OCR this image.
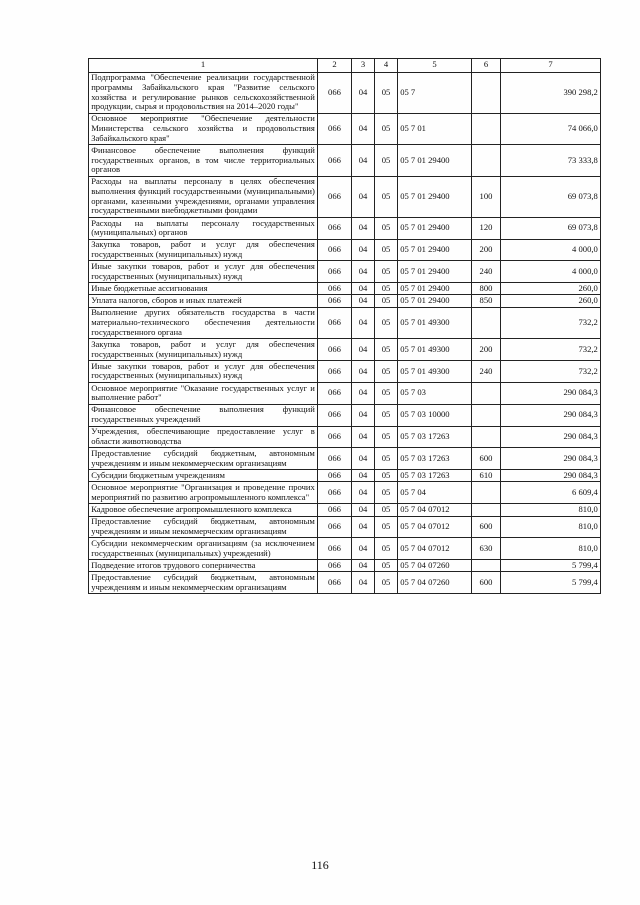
1	2	3	4	5	6	7
Подпрограмма "Обеспечение реализации государственной программы Забайкальского края "Развитие сельского хозяйства и регулирование рынков сельскохозяйственной продукции, сырья и продовольствия на 2014–2020 годы"	066	04	05	05 7		390 298,2
Основное мероприятие "Обеспечение деятельности Министерства сельского хозяйства и продовольствия Забайкальского края"	066	04	05	05 7 01		74 066,0
Финансовое обеспечение выполнения функций государственных органов, в том числе территориальных органов	066	04	05	05 7 01 29400		73 333,8
Расходы на выплаты персоналу в целях обеспечения выполнения функций государственными (муниципальными) органами, казенными учреждениями, органами управления государственными внебюджетными фондами	066	04	05	05 7 01 29400	100	69 073,8
Расходы на выплаты персоналу государственных (муниципальных) органов	066	04	05	05 7 01 29400	120	69 073,8
Закупка товаров, работ и услуг для обеспечения государственных (муниципальных) нужд	066	04	05	05 7 01 29400	200	4 000,0
Иные закупки товаров, работ и услуг для обеспечения государственных (муниципальных) нужд	066	04	05	05 7 01 29400	240	4 000,0
Иные бюджетные ассигнования	066	04	05	05 7 01 29400	800	260,0
Уплата налогов, сборов и иных платежей	066	04	05	05 7 01 29400	850	260,0
Выполнение других обязательств государства в части материально-технического обеспечения деятельности государственного органа	066	04	05	05 7 01 49300		732,2
Закупка товаров, работ и услуг для обеспечения государственных (муниципальных) нужд	066	04	05	05 7 01 49300	200	732,2
Иные закупки товаров, работ и услуг для обеспечения государственных (муниципальных) нужд	066	04	05	05 7 01 49300	240	732,2
Основное мероприятие "Оказание государственных услуг и выполнение работ"	066	04	05	05 7 03		290 084,3
Финансовое обеспечение выполнения функций государственных учреждений	066	04	05	05 7 03 10000		290 084,3
Учреждения, обеспечивающие предоставление услуг в области животноводства	066	04	05	05 7 03 17263		290 084,3
Предоставление субсидий бюджетным, автономным учреждениям и иным некоммерческим организациям	066	04	05	05 7 03 17263	600	290 084,3
Субсидии бюджетным учреждениям	066	04	05	05 7 03 17263	610	290 084,3
Основное мероприятие "Организация и проведение прочих мероприятий по развитию агропромышленного комплекса"	066	04	05	05 7 04		6 609,4
Кадровое обеспечение агропромышленного комплекса	066	04	05	05 7 04 07012		810,0
Предоставление субсидий бюджетным, автономным учреждениям и иным некоммерческим организациям	066	04	05	05 7 04 07012	600	810,0
Субсидии некоммерческим организациям (за исключением государственных (муниципальных) учреждений)	066	04	05	05 7 04 07012	630	810,0
Подведение итогов трудового соперничества	066	04	05	05 7 04 07260		5 799,4
Предоставление субсидий бюджетным, автономным учреждениям и иным некоммерческим организациям	066	04	05	05 7 04 07260	600	5 799,4
116
